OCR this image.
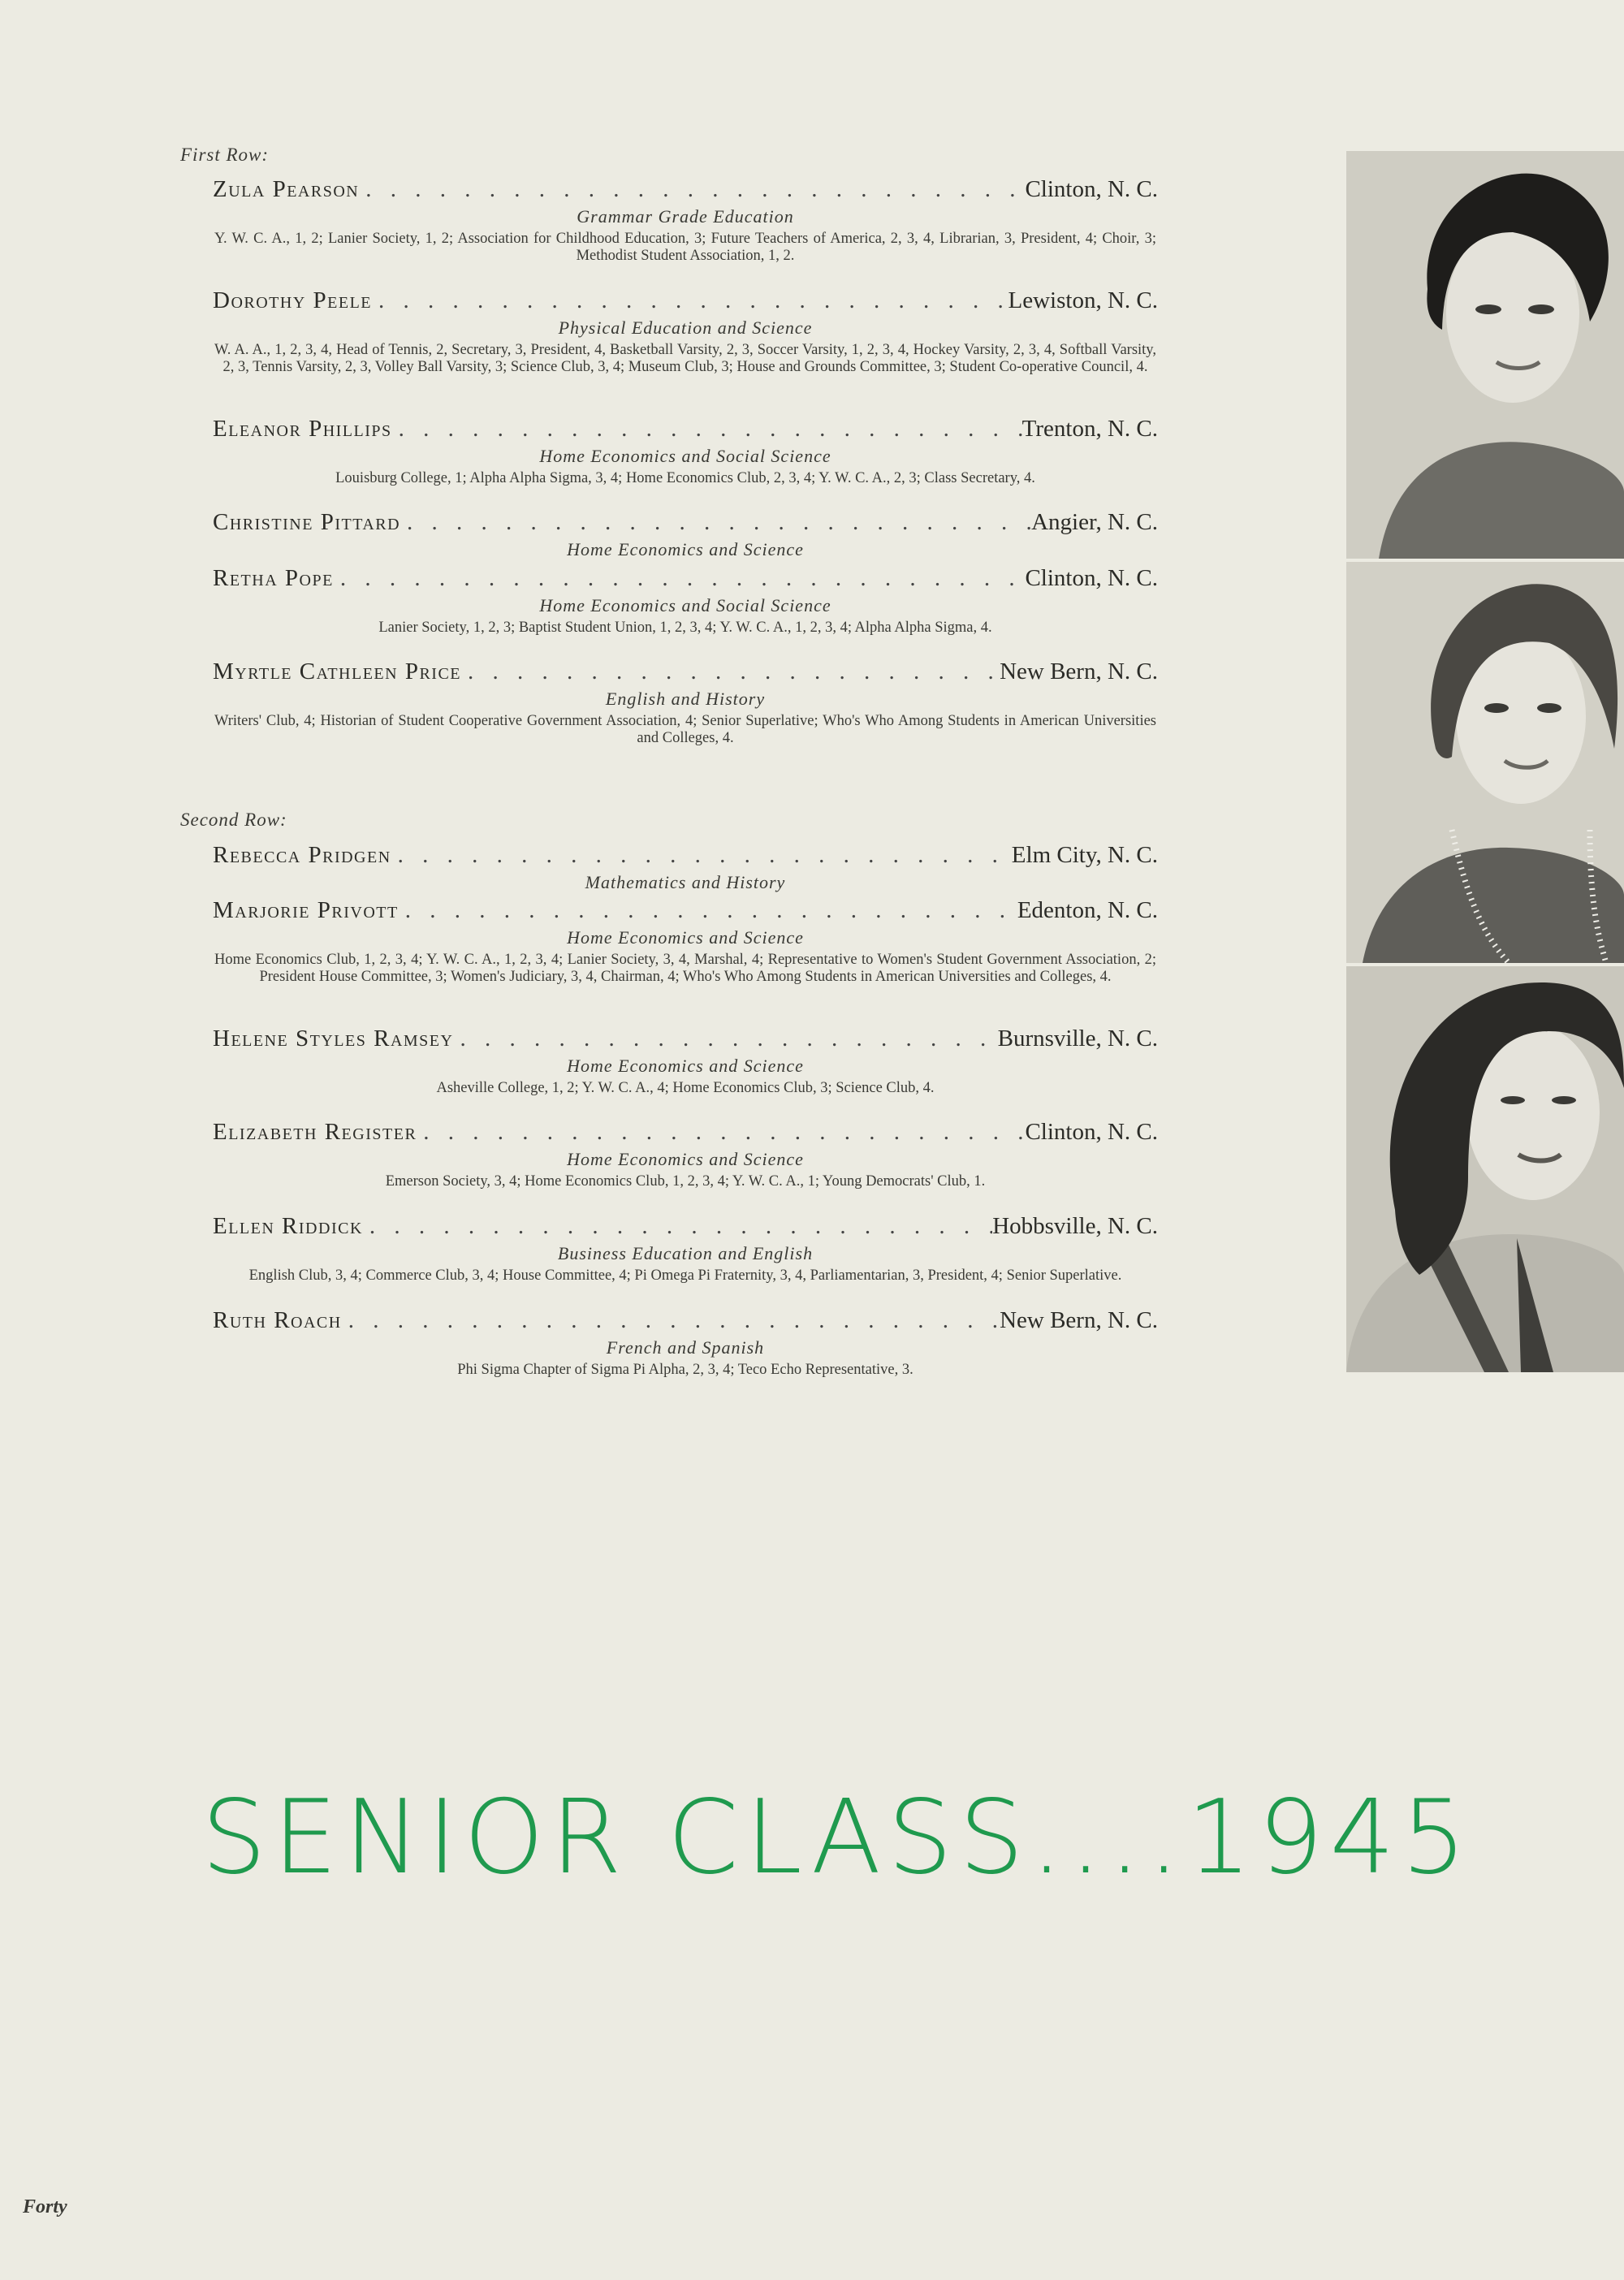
First Row:
Zula Pearson . . .	Clinton, N. C.
Grammar Grade Education
Y. W. C. A., 1, 2; Lanier Society, 1, 2; Association for Childhood Education, 3; Future Teachers of America, 2, 3, 4, Librarian, 3, President, 4; Choir, 3; Methodist Student Association, 1, 2.
Dorothy Peele . . .	Lewiston, N. C.
Physical Education and Science
W. A. A., 1, 2, 3, 4, Head of Tennis, 2, Secretary, 3, President, 4, Basketball Varsity, 2, 3, Soccer Varsity, 1, 2, 3, 4, Hockey Varsity, 2, 3, 4, Softball Varsity, 2, 3, Tennis Varsity, 2, 3, Volley Ball Varsity, 3; Science Club, 3, 4; Museum Club, 3; House and Grounds Committee, 3; Student Co-operative Council, 4.
Eleanor Phillips . . .	Trenton, N. C.
Home Economics and Social Science
Louisburg College, 1; Alpha Alpha Sigma, 3, 4; Home Economics Club, 2, 3, 4; Y. W. C. A., 2, 3; Class Secretary, 4.
Christine Pittard . . .	Angier, N. C.
Home Economics and Science
Retha Pope . . .	Clinton, N. C.
Home Economics and Social Science
Lanier Society, 1, 2, 3; Baptist Student Union, 1, 2, 3, 4; Y. W. C. A., 1, 2, 3, 4; Alpha Alpha Sigma, 4.
Myrtle Cathleen Price . . .	New Bern, N. C.
English and History
Writers' Club, 4; Historian of Student Cooperative Government Association, 4; Senior Superlative; Who's Who Among Students in American Universities and Colleges, 4.
Second Row:
Rebecca Pridgen . . .	Elm City, N. C.
Mathematics and History
Marjorie Privott . . .	Edenton, N. C.
Home Economics and Science
Home Economics Club, 1, 2, 3, 4; Y. W. C. A., 1, 2, 3, 4; Lanier Society, 3, 4, Marshal, 4; Representative to Women's Student Government Association, 2; President House Committee, 3; Women's Judiciary, 3, 4, Chairman, 4; Who's Who Among Students in American Universities and Colleges, 4.
Helene Styles Ramsey . . .	Burnsville, N. C.
Home Economics and Science
Asheville College, 1, 2; Y. W. C. A., 4; Home Economics Club, 3; Science Club, 4.
Elizabeth Register . . .	Clinton, N. C.
Home Economics and Science
Emerson Society, 3, 4; Home Economics Club, 1, 2, 3, 4; Y. W. C. A., 1; Young Democrats' Club, 1.
Ellen Riddick . . .	Hobbsville, N. C.
Business Education and English
English Club, 3, 4; Commerce Club, 3, 4; House Committee, 4; Pi Omega Pi Fraternity, 3, 4, Parliamentarian, 3, President, 4; Senior Superlative.
Ruth Roach . . .	New Bern, N. C.
French and Spanish
Phi Sigma Chapter of Sigma Pi Alpha, 2, 3, 4; Teco Echo Representative, 3.
SENIOR CLASS....1945
Forty
